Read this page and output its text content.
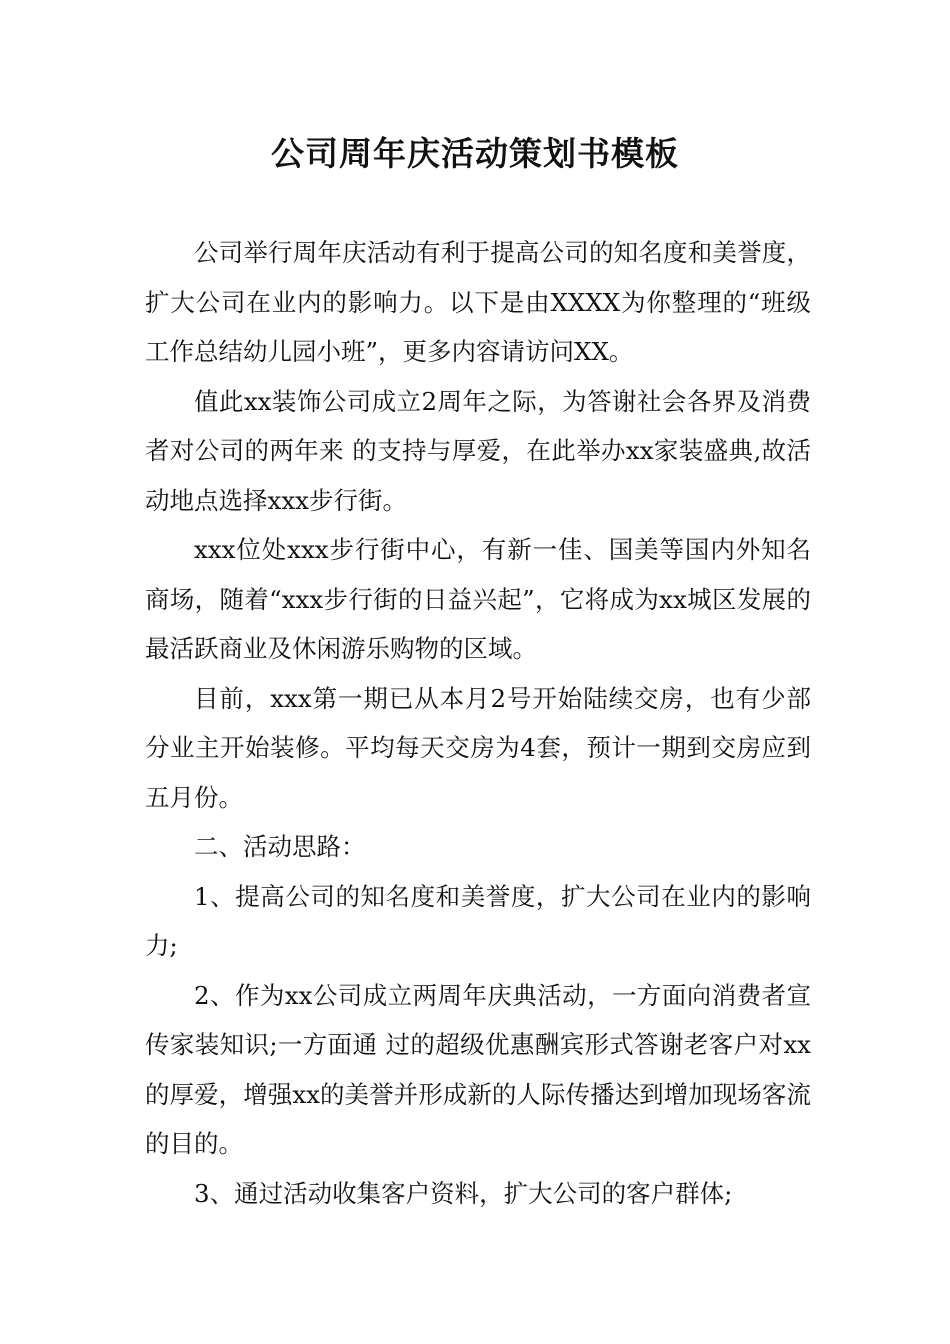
公司周年庆活动策划书模板

公司举行周年庆活动有利于提高公司的知名度和美誉度，扩大公司在业内的影响力。以下是由XXXX为你整理的“班级工作总结幼儿园小班”，更多内容请访问XX。

值此xx装饰公司成立2周年之际，为答谢社会各界及消费者对公司的两年来 的支持与厚爱，在此举办xx家装盛典,故活动地点选择xxx步行街。

xxx位处xxx步行街中心，有新一佳、国美等国内外知名商场，随着“xxx步行街的日益兴起”，它将成为xx城区发展的最活跃商业及休闲游乐购物的区域。

目前，xxx第一期已从本月2号开始陆续交房，也有少部分业主开始装修。平均每天交房为4套，预计一期到交房应到五月份。

二、活动思路：

1、提高公司的知名度和美誉度，扩大公司在业内的影响力;

2、作为xx公司成立两周年庆典活动，一方面向消费者宣传家装知识;一方面通 过的超级优惠酬宾形式答谢老客户对xx的厚爱，增强xx的美誉并形成新的人际传播达到增加现场客流的目的。

3、通过活动收集客户资料，扩大公司的客户群体;
